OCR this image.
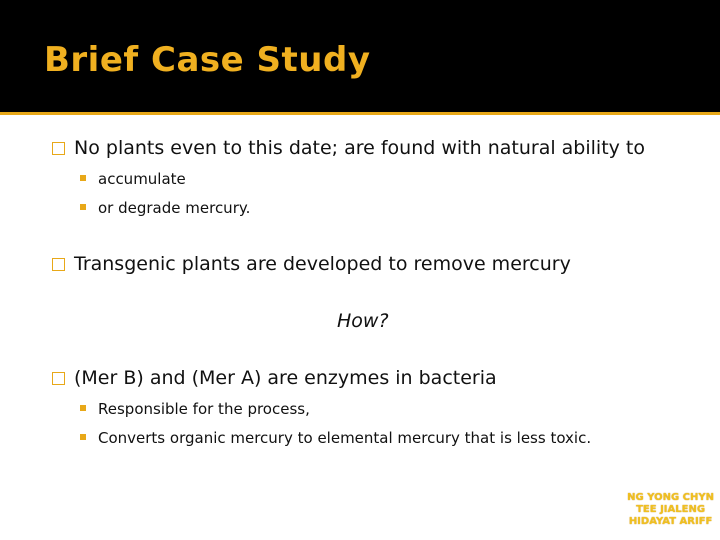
Brief Case Study
No plants even to this date; are found with natural ability to
accumulate
or degrade mercury.
Transgenic plants are developed to remove mercury
How?
(Mer B) and (Mer A) are enzymes in bacteria
Responsible for the process,
Converts organic mercury to elemental mercury that is less toxic.
NG YONG CHYN
TEE JIALENG
HIDAYAT ARIFF
